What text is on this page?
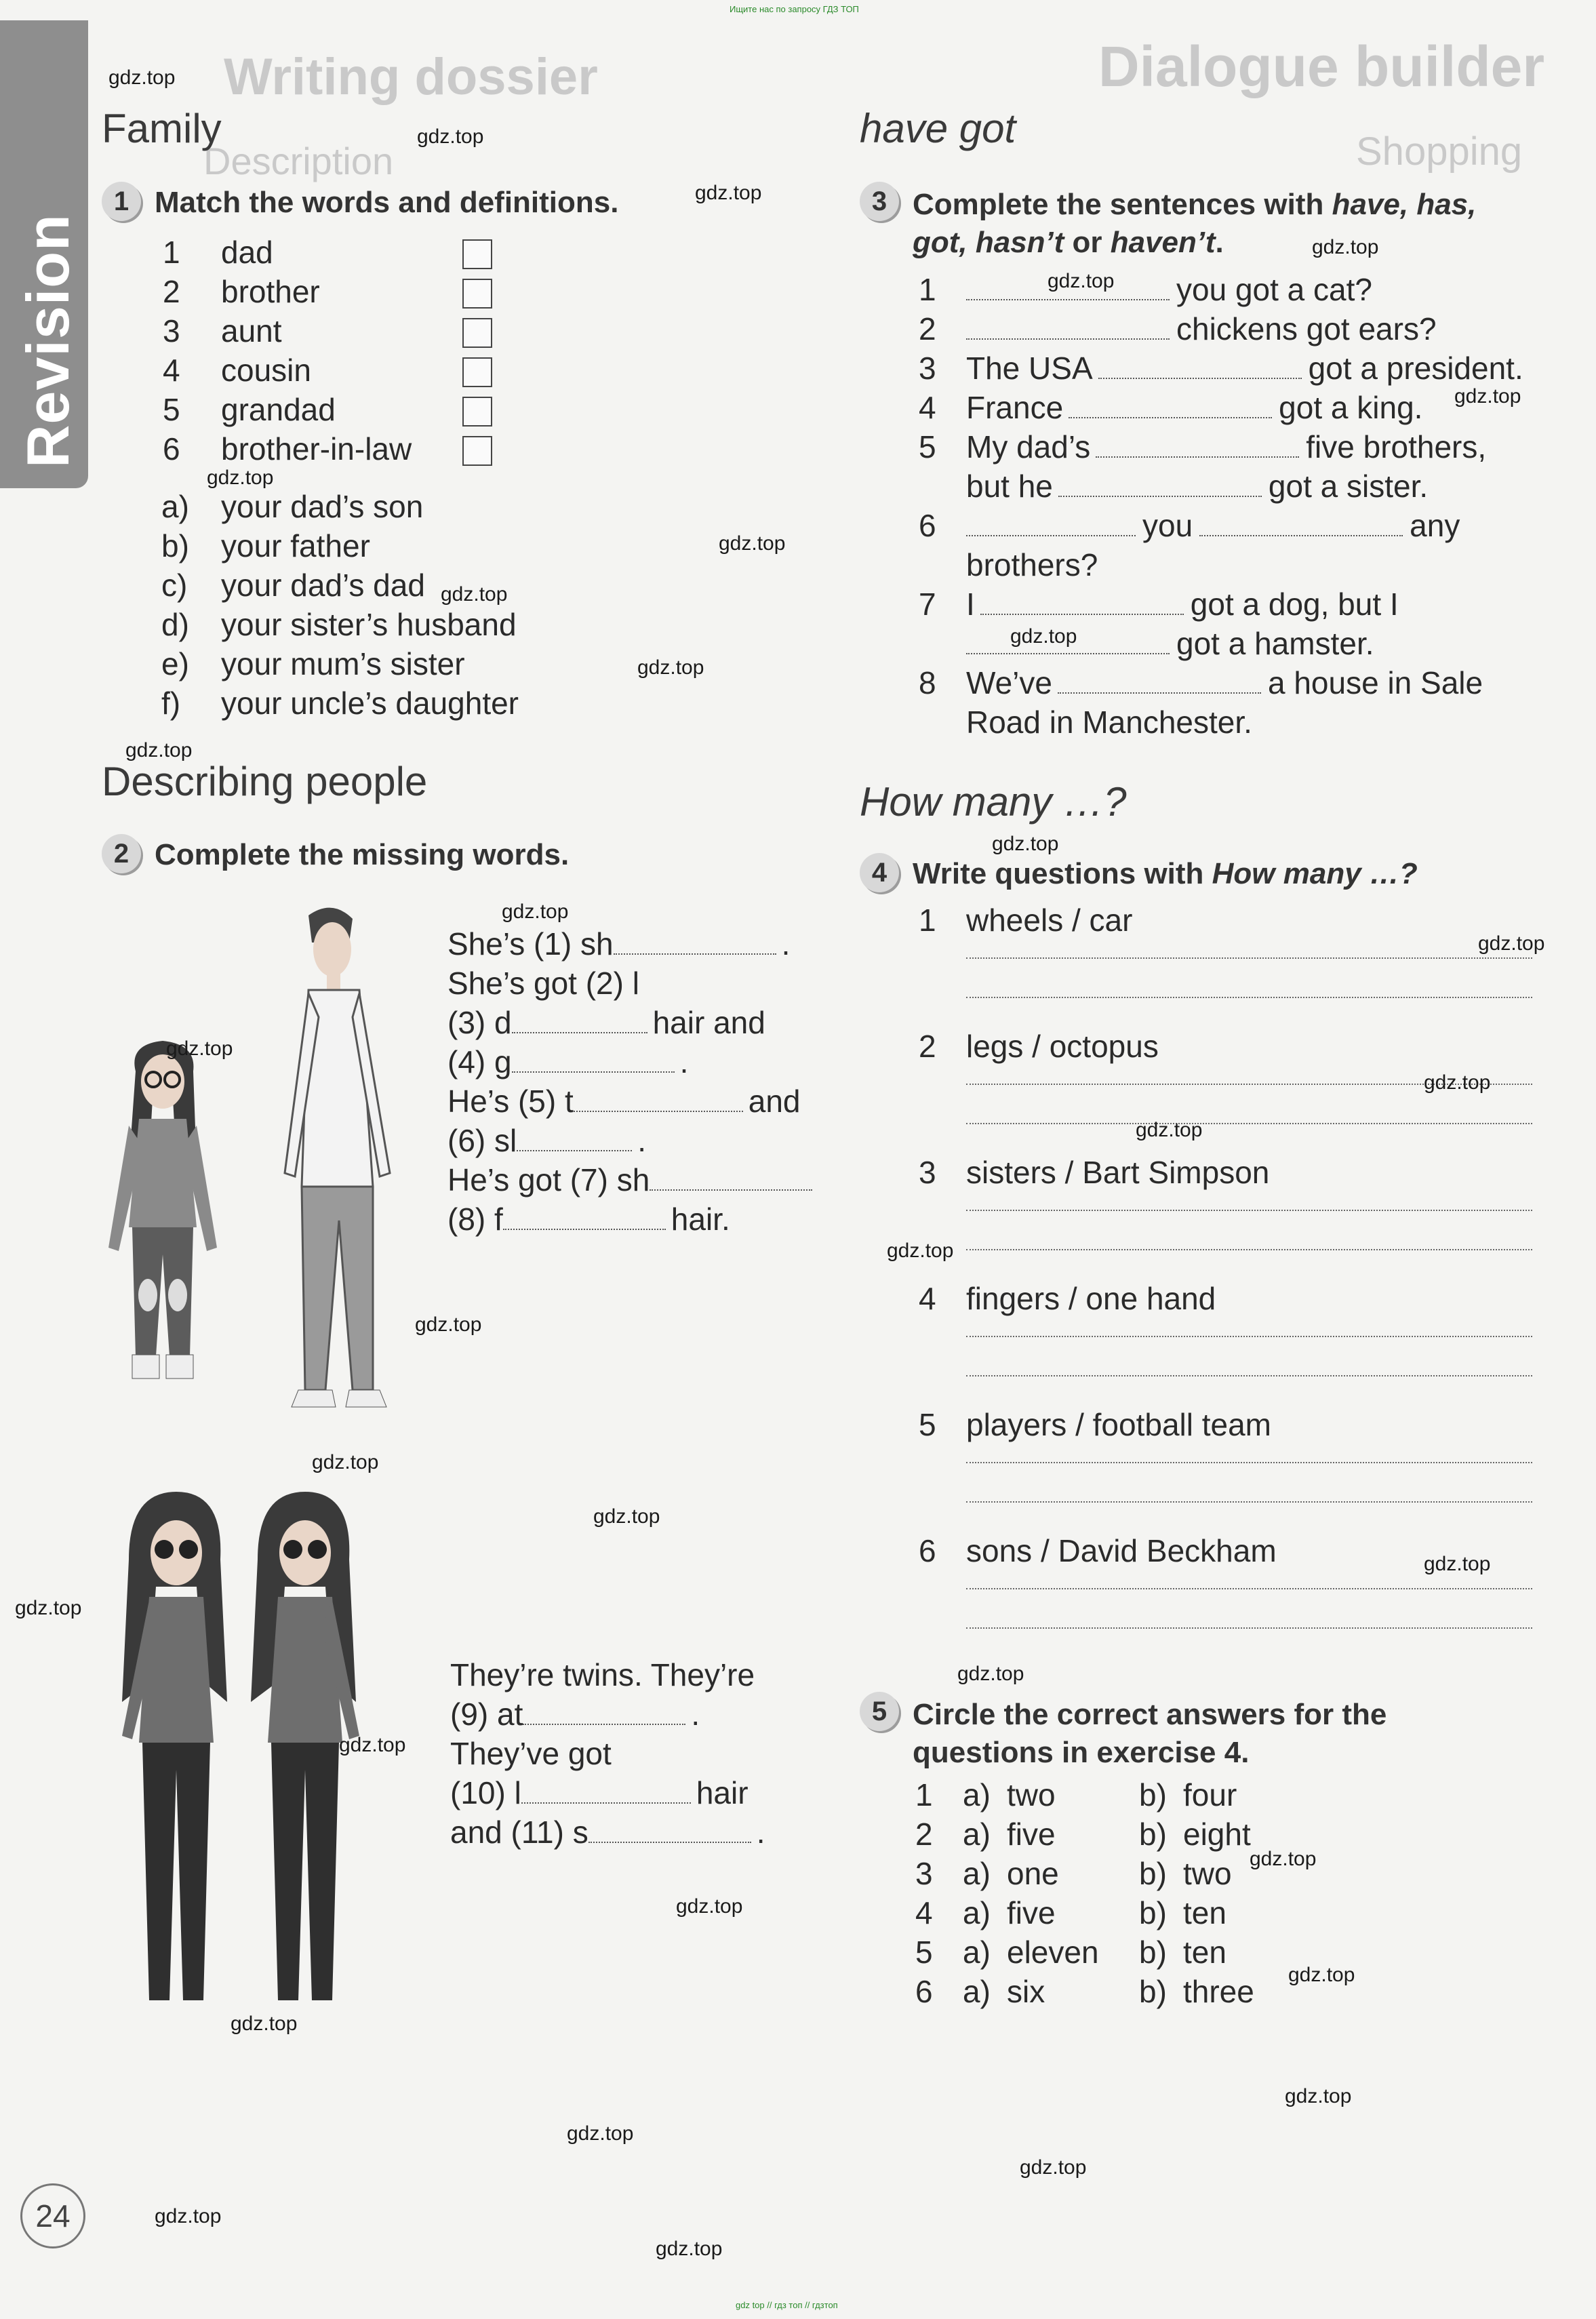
Ищите нас по запросу ГДЗ ТОП
gdz top // гдз топ // гдзтоп
Dialogue builder
Writing dossier
Shopping
Description
Revision
Family
1 Match the words and definitions.
1 dad
2 brother
3 aunt
4 cousin
5 grandad
6 brother-in-law
a) your dad’s son
b) your father
c) your dad’s dad
d) your sister’s husband
e) your mum’s sister
f) your uncle’s daughter
Describing people
2 Complete the missing words.
She’s (1) sh	.
She’s got (2) l
(3) d	hair and
(4) g	.
He’s (5) t	and
(6) sl	.
He’s got (7) sh
(8) f	hair.
They’re twins. They’re
(9) at	.
They’ve got
(10) l	hair
and (11) s	.
have got
3 Complete the sentences with have, has,
got, hasn’t or haven’t.
1	you got a cat?
2	chickens got ears?
3 The USA	got a president.
4 France	got a king.
5 My dad’s	five brothers,
but he	got a sister.
6	you	any
brothers?
7 I	got a dog, but I
got a hamster.
8 We’ve	a house in Sale
Road in Manchester.
How many …?
4 Write questions with How many …?
1 wheels / car
2 legs / octopus
3 sisters / Bart Simpson
4 fingers / one hand
5 players / football team
6 sons / David Beckham
5 Circle the correct answers for the
questions in exercise 4.
1 a) two	b) four
2 a) five	b) eight
3 a) one	b) two
4 a) five	b) ten
5 a) eleven b) ten
6 a) six	b) three
24
gdz.top
gdz.top
gdz.top
gdz.top
gdz.top
gdz.top
gdz.top
gdz.top
gdz.top
gdz.top
gdz.top
gdz.top
gdz.top
gdz.top
gdz.top
gdz.top
gdz.top
gdz.top
gdz.top
gdz.top
gdz.top
gdz.top
gdz.top
gdz.top
gdz.top
gdz.top
gdz.top
gdz.top
gdz.top
gdz.top
gdz.top
gdz.top
gdz.top
gdz.top
gdz.top
